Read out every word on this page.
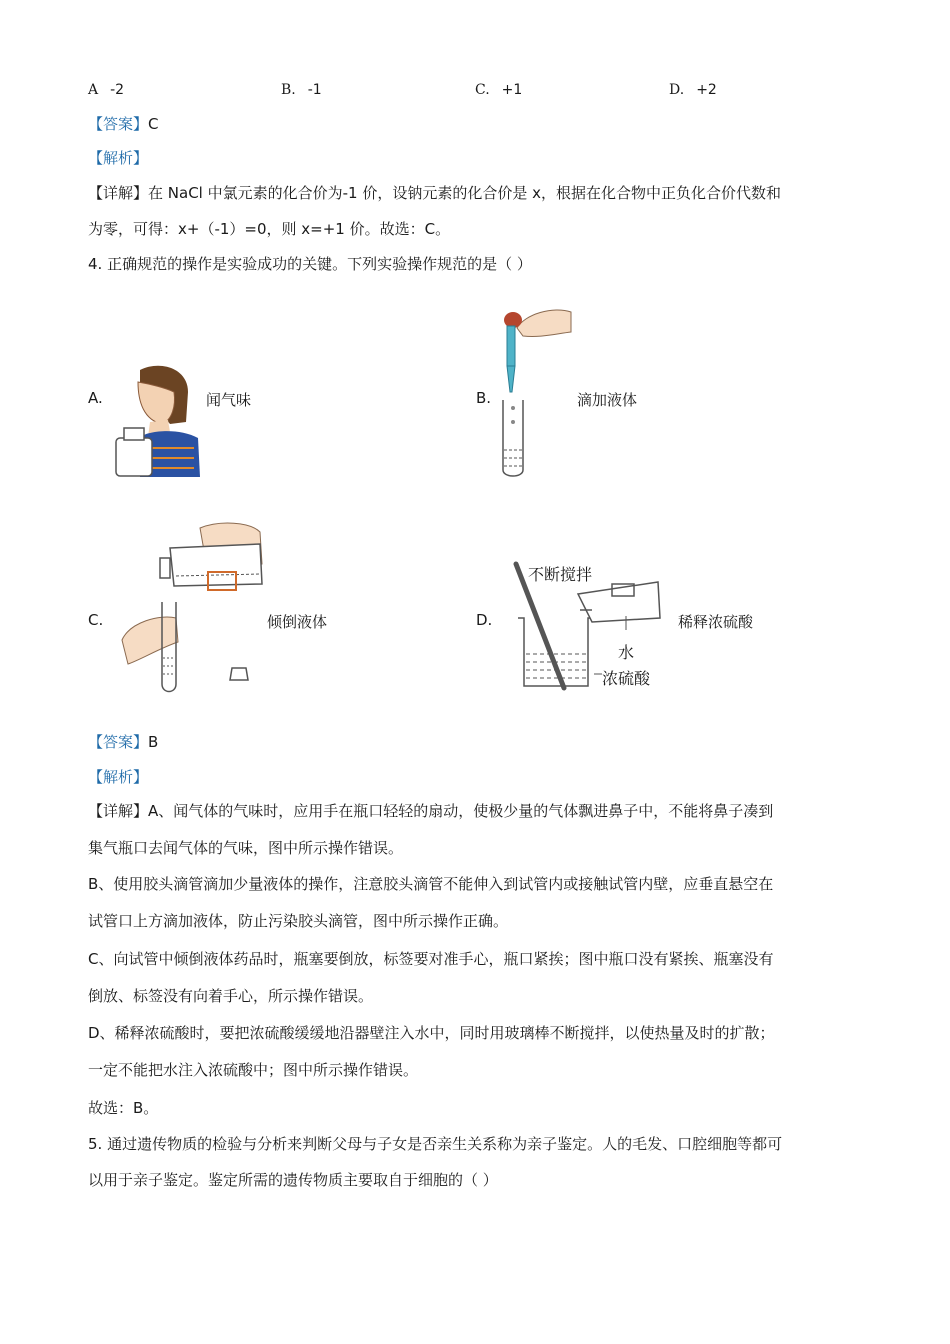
A -2	B. -1	C. +1	D. +2
【答案】C
【解析】
【详解】在 NaCl 中氯元素的化合价为-1 价，设钠元素的化合价是 x，根据在化合物中正负化合价代数和
为零，可得：x+（-1）=0，则 x=+1 价。故选：C。
4. 正确规范的操作是实验成功的关键。下列实验操作规范的是（ ）
A.	闻气味	B.	滴加液体
C.	倾倒液体	D.
不断搅拌
水
浓硫酸
稀释浓硫酸
【答案】B
【解析】
【详解】A、闻气体的气味时，应用手在瓶口轻轻的扇动，使极少量的气体飘进鼻子中，不能将鼻子凑到
集气瓶口去闻气体的气味，图中所示操作错误。
B、使用胶头滴管滴加少量液体的操作，注意胶头滴管不能伸入到试管内或接触试管内壁，应垂直悬空在
试管口上方滴加液体，防止污染胶头滴管，图中所示操作正确。
C、向试管中倾倒液体药品时，瓶塞要倒放，标签要对准手心，瓶口紧挨；图中瓶口没有紧挨、瓶塞没有
倒放、标签没有向着手心，所示操作错误。
D、稀释浓硫酸时，要把浓硫酸缓缓地沿器壁注入水中，同时用玻璃棒不断搅拌，以使热量及时的扩散；
一定不能把水注入浓硫酸中；图中所示操作错误。
故选：B。
5. 通过遗传物质的检验与分析来判断父母与子女是否亲生关系称为亲子鉴定。人的毛发、口腔细胞等都可
以用于亲子鉴定。鉴定所需的遗传物质主要取自于细胞的（ ）
